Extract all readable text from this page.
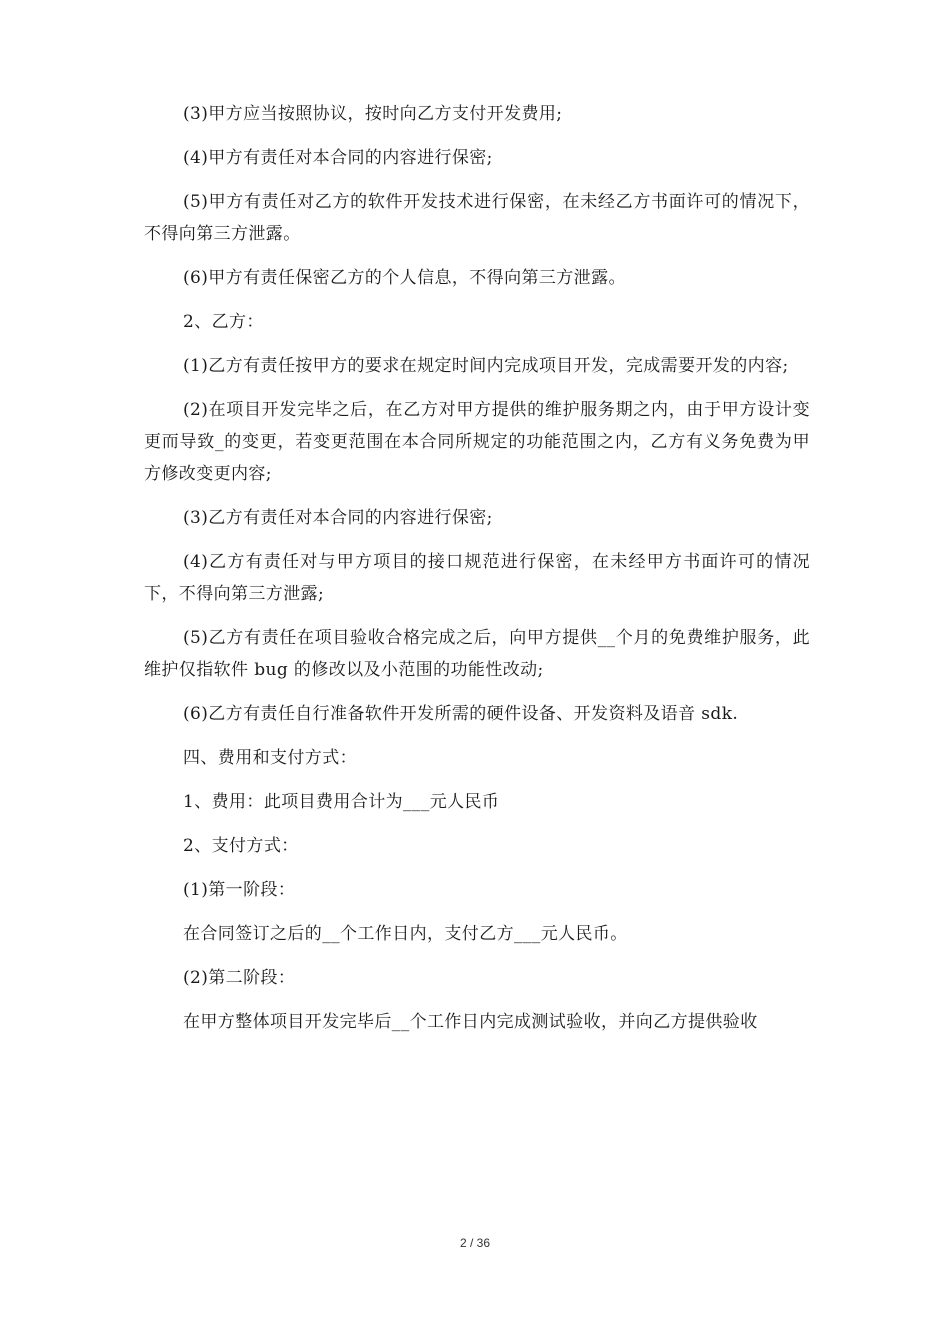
(3)甲方应当按照协议，按时向乙方支付开发费用;

(4)甲方有责任对本合同的内容进行保密;

(5)甲方有责任对乙方的软件开发技术进行保密，在未经乙方书面许可的情况下，不得向第三方泄露。

(6)甲方有责任保密乙方的个人信息，不得向第三方泄露。

2、乙方：

(1)乙方有责任按甲方的要求在规定时间内完成项目开发，完成需要开发的内容;

(2)在项目开发完毕之后，在乙方对甲方提供的维护服务期之内，由于甲方设计变更而导致_的变更，若变更范围在本合同所规定的功能范围之内，乙方有义务免费为甲方修改变更内容;

(3)乙方有责任对本合同的内容进行保密;

(4)乙方有责任对与甲方项目的接口规范进行保密，在未经甲方书面许可的情况下，不得向第三方泄露;

(5)乙方有责任在项目验收合格完成之后，向甲方提供__个月的免费维护服务，此维护仅指软件 bug 的修改以及小范围的功能性改动;

(6)乙方有责任自行准备软件开发所需的硬件设备、开发资料及语音 sdk.

四、费用和支付方式：

1、费用：此项目费用合计为___元人民币

2、支付方式：

(1)第一阶段：

在合同签订之后的__个工作日内，支付乙方___元人民币。

(2)第二阶段：

在甲方整体项目开发完毕后__个工作日内完成测试验收，并向乙方提供验收

2 / 36
